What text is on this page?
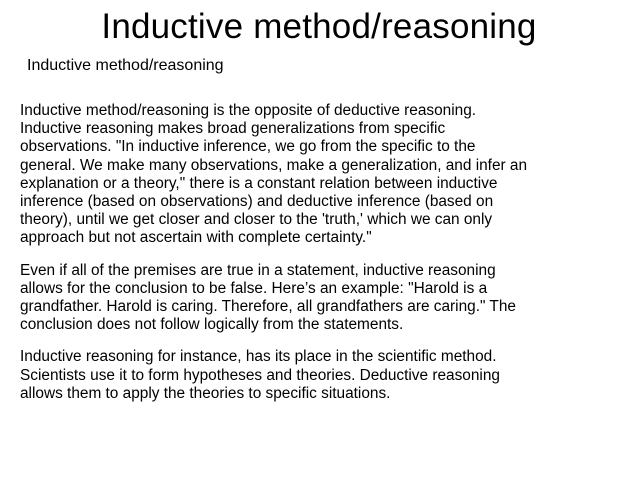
Inductive method/reasoning

Inductive method/reasoning

Inductive method/reasoning is the opposite of deductive reasoning.
Inductive reasoning makes broad generalizations from specific
observations. "In inductive inference, we go from the specific to the
general. We make many observations, make a generalization, and infer an
explanation or a theory," there is a constant relation between inductive
inference (based on observations) and deductive inference (based on
theory), until we get closer and closer to the 'truth,' which we can only
approach but not ascertain with complete certainty."

Even if all of the premises are true in a statement, inductive reasoning
allows for the conclusion to be false. Here’s an example: "Harold is a
grandfather. Harold is caring. Therefore, all grandfathers are caring." The
conclusion does not follow logically from the statements.

Inductive reasoning for instance, has its place in the scientific method.
Scientists use it to form hypotheses and theories. Deductive reasoning
allows them to apply the theories to specific situations.
